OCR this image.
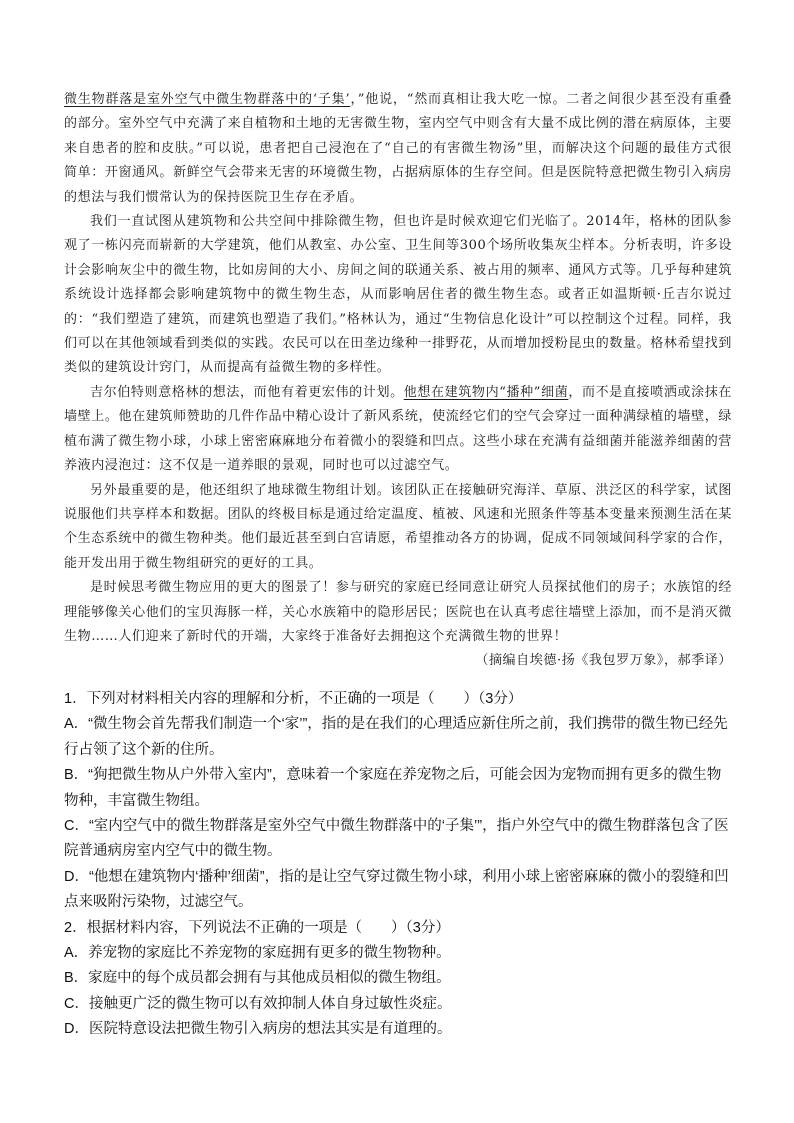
微生物群落是室外空气中微生物群落中的‘子集’，”他说，“然而真相让我大吃一惊。二者之间很少甚至没有重叠的部分。室外空气中充满了来自植物和土地的无害微生物，室内空气中则含有大量不成比例的潜在病原体，主要来自患者的腔和皮肤。”可以说，患者把自己浸泡在了“自己的有害微生物汤”里，而解决这个问题的最佳方式很简单：开窗通风。新鲜空气会带来无害的环境微生物，占据病原体的生存空间。但是医院特意把微生物引入病房的想法与我们惯常认为的保持医院卫生存在矛盾。

我们一直试图从建筑物和公共空间中排除微生物，但也许是时候欢迎它们光临了。2014年，格林的团队参观了一栋闪亮而崭新的大学建筑，他们从教室、办公室、卫生间等300个场所收集灰尘样本。分析表明，许多设计会影响灰尘中的微生物，比如房间的大小、房间之间的联通关系、被占用的频率、通风方式等。几乎每种建筑系统设计选择都会影响建筑物中的微生物生态，从而影响居住者的微生物生态。或者正如温斯顿·丘吉尔说过的：“我们塑造了建筑，而建筑也塑造了我们。”格林认为，通过“生物信息化设计”可以控制这个过程。同样，我们可以在其他领域看到类似的实践。农民可以在田垄边缘种一排野花，从而增加授粉昆虫的数量。格林希望找到类似的建筑设计窍门，从而提高有益微生物的多样性。

吉尔伯特则意格林的想法，而他有着更宏伟的计划。他想在建筑物内“播种”细菌，而不是直接喷洒或涂抹在墙壁上。他在建筑师赞助的几件作品中精心设计了新风系统，使流经它们的空气会穿过一面种满绿植的墙壁，绿植布满了微生物小球，小球上密密麻麻地分布着微小的裂缝和凹点。这些小球在充满有益细菌并能滋养细菌的营养液内浸泡过：这不仅是一道养眼的景观，同时也可以过滤空气。

另外最重要的是，他还组织了地球微生物组计划。该团队正在接触研究海洋、草原、洪泛区的科学家，试图说服他们共享样本和数据。团队的终极目标是通过给定温度、植被、风速和光照条件等基本变量来预测生活在某个生态系统中的微生物种类。他们最近甚至到白宫请愿，希望推动各方的协调，促成不同领域间科学家的合作，能开发出用于微生物组研究的更好的工具。

是时候思考微生物应用的更大的图景了！参与研究的家庭已经同意让研究人员探拭他们的房子；水族馆的经理能够像关心他们的宝贝海豚一样，关心水族箱中的隐形居民；医院也在认真考虑往墙壁上添加，而不是消灭微生物……人们迎来了新时代的开端，大家终于准备好去拥抱这个充满微生物的世界！

（摘编自埃德·扬《我包罗万象》，郝季译）

1．下列对材料相关内容的理解和分析，不正确的一项是（　　）（3分）

A．“微生物会首先帮我们制造一个‘家’”，指的是在我们的心理适应新住所之前，我们携带的微生物已经先行占领了这个新的住所。

B．“狗把微生物从户外带入室内”，意味着一个家庭在养宠物之后，可能会因为宠物而拥有更多的微生物物种，丰富微生物组。

C．“室内空气中的微生物群落是室外空气中微生物群落中的‘子集’”，指户外空气中的微生物群落包含了医院普通病房室内空气中的微生物。

D．“他想在建筑物内‘播种’细菌”，指的是让空气穿过微生物小球，利用小球上密密麻麻的微小的裂缝和凹点来吸附污染物，过滤空气。

2．根据材料内容，下列说法不正确的一项是（　　）（3分）

A．养宠物的家庭比不养宠物的家庭拥有更多的微生物物种。

B．家庭中的每个成员都会拥有与其他成员相似的微生物组。

C．接触更广泛的微生物可以有效抑制人体自身过敏性炎症。

D．医院特意设法把微生物引入病房的想法其实是有道理的。
